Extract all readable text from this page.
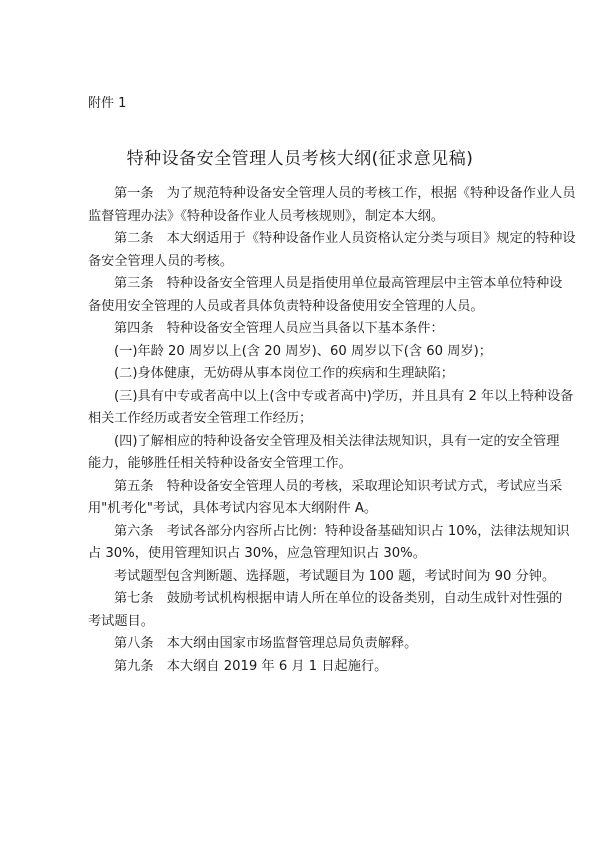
附件 1
特种设备安全管理人员考核大纲(征求意见稿)
第一条　为了规范特种设备安全管理人员的考核工作，根据《特种设备作业人员
监督管理办法》《特种设备作业人员考核规则》，制定本大纲。
第二条　本大纲适用于《特种设备作业人员资格认定分类与项目》规定的特种设
备安全管理人员的考核。
第三条　特种设备安全管理人员是指使用单位最高管理层中主管本单位特种设
备使用安全管理的人员或者具体负责特种设备使用安全管理的人员。
第四条　特种设备安全管理人员应当具备以下基本条件：
(一)年龄 20 周岁以上(含 20 周岁)、60 周岁以下(含 60 周岁)；
(二)身体健康，无妨碍从事本岗位工作的疾病和生理缺陷；
(三)具有中专或者高中以上(含中专或者高中)学历，并且具有 2 年以上特种设备
相关工作经历或者安全管理工作经历；
(四)了解相应的特种设备安全管理及相关法律法规知识，具有一定的安全管理
能力，能够胜任相关特种设备安全管理工作。
第五条　特种设备安全管理人员的考核，采取理论知识考试方式，考试应当采
用"机考化"考试，具体考试内容见本大纲附件 A。
第六条　考试各部分内容所占比例：特种设备基础知识占 10%，法律法规知识
占 30%，使用管理知识占 30%，应急管理知识占 30%。
考试题型包含判断题、选择题，考试题目为 100 题，考试时间为 90 分钟。
第七条　鼓励考试机构根据申请人所在单位的设备类别，自动生成针对性强的
考试题目。
第八条　本大纲由国家市场监督管理总局负责解释。
第九条　本大纲自 2019 年 6 月 1 日起施行。
